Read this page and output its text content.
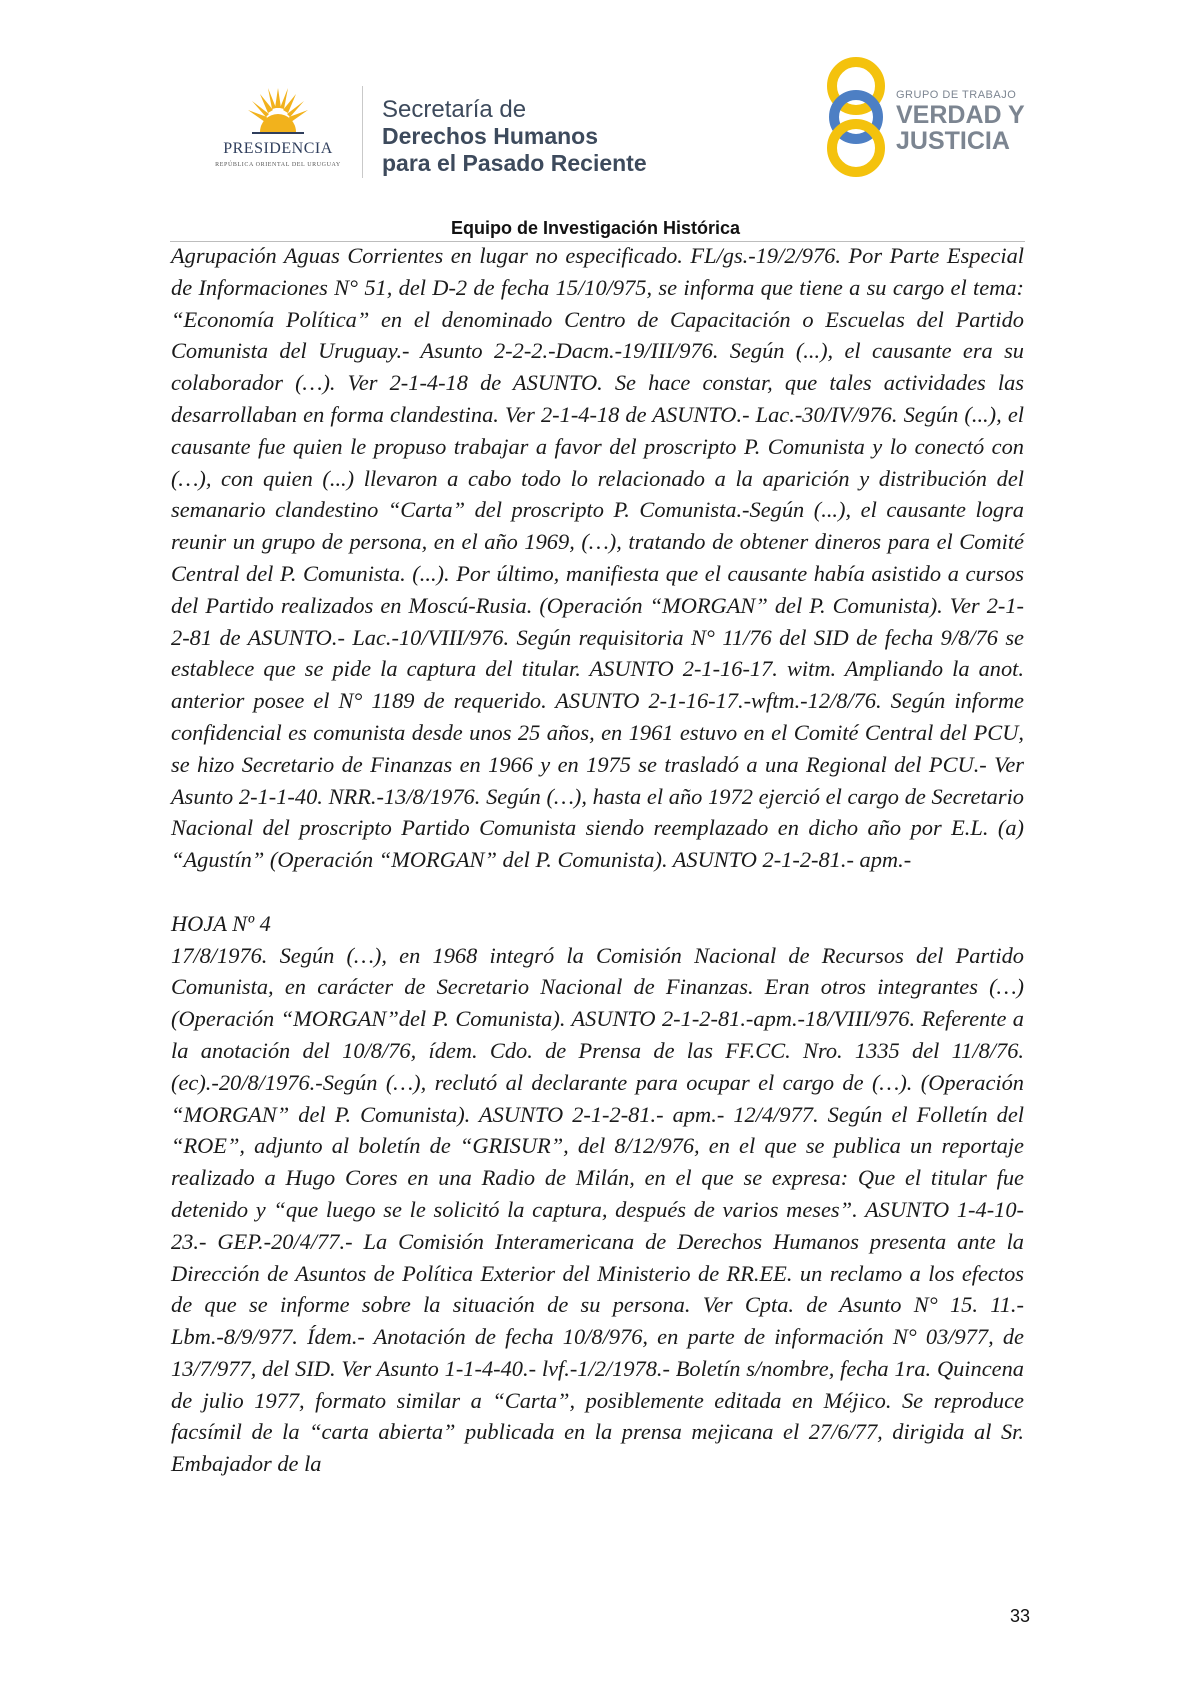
PRESIDENCIA
REPÚBLICA ORIENTAL DEL URUGUAY
Secretaría de
Derechos Humanos
para el Pasado Reciente
GRUPO DE TRABAJO
VERDAD Y
JUSTICIA
Equipo de Investigación Histórica

Agrupación Aguas Corrientes en lugar no especificado. FL/gs.-19/2/976. Por Parte Especial de Informaciones N° 51, del D-2 de fecha 15/10/975, se informa que tiene a su cargo el tema: “Economía Política” en el denominado Centro de Capacitación o Escuelas del Partido Comunista del Uruguay.- Asunto 2-2-2.-Dacm.-19/III/976. Según (...), el causante era su colaborador (…). Ver 2-1-4-18 de ASUNTO. Se hace constar, que tales actividades las desarrollaban en forma clandestina. Ver 2-1-4-18 de ASUNTO.- Lac.-30/IV/976. Según (...), el causante fue quien le propuso trabajar a favor del proscripto P. Comunista y lo conectó con (…), con quien (...) llevaron a cabo todo lo relacionado a la aparición y distribución del semanario clandestino “Carta” del proscripto P. Comunista.-Según (...), el causante logra reunir un grupo de persona, en el año 1969, (…), tratando de obtener dineros para el Comité Central del P. Comunista. (...). Por último, manifiesta que el causante había asistido a cursos del Partido realizados en Moscú-Rusia. (Operación “MORGAN” del P. Comunista). Ver 2-1-2-81 de ASUNTO.- Lac.-10/VIII/976. Según requisitoria N° 11/76 del SID de fecha 9/8/76 se establece que se pide la captura del titular. ASUNTO 2-1-16-17. witm. Ampliando la anot. anterior posee el N° 1189 de requerido. ASUNTO 2-1-16-17.-wftm.-12/8/76. Según informe confidencial es comunista desde unos 25 años, en 1961 estuvo en el Comité Central del PCU, se hizo Secretario de Finanzas en 1966 y en 1975 se trasladó a una Regional del PCU.- Ver Asunto 2-1-1-40. NRR.-13/8/1976. Según (…), hasta el año 1972 ejerció el cargo de Secretario Nacional del proscripto Partido Comunista siendo reemplazado en dicho año por E.L. (a) “Agustín” (Operación “MORGAN” del P. Comunista). ASUNTO 2-1-2-81.- apm.-

HOJA Nº 4

17/8/1976. Según (…), en 1968 integró la Comisión Nacional de Recursos del Partido Comunista, en carácter de Secretario Nacional de Finanzas. Eran otros integrantes (…) (Operación “MORGAN”del P. Comunista). ASUNTO 2-1-2-81.-apm.-18/VIII/976. Referente a la anotación del 10/8/76, ídem. Cdo. de Prensa de las FF.CC. Nro. 1335 del 11/8/76. (ec).-20/8/1976.-Según (…), reclutó al declarante para ocupar el cargo de (…). (Operación “MORGAN” del P. Comunista). ASUNTO 2-1-2-81.- apm.- 12/4/977. Según el Folletín del “ROE”, adjunto al boletín de “GRISUR”, del 8/12/976, en el que se publica un reportaje realizado a Hugo Cores en una Radio de Milán, en el que se expresa: Que el titular fue detenido y “que luego se le solicitó la captura, después de varios meses”. ASUNTO 1-4-10-23.- GEP.-20/4/77.- La Comisión Interamericana de Derechos Humanos presenta ante la Dirección de Asuntos de Política Exterior del Ministerio de RR.EE. un reclamo a los efectos de que se informe sobre la situación de su persona. Ver Cpta. de Asunto N° 15. 11.- Lbm.-8/9/977. Ídem.- Anotación de fecha 10/8/976, en parte de información N° 03/977, de 13/7/977, del SID. Ver Asunto 1-1-4-40.- lvf.-1/2/1978.- Boletín s/nombre, fecha 1ra. Quincena de julio 1977, formato similar a “Carta”, posiblemente editada en Méjico. Se reproduce facsímil de la “carta abierta” publicada en la prensa mejicana el 27/6/77, dirigida al Sr. Embajador de la

33
